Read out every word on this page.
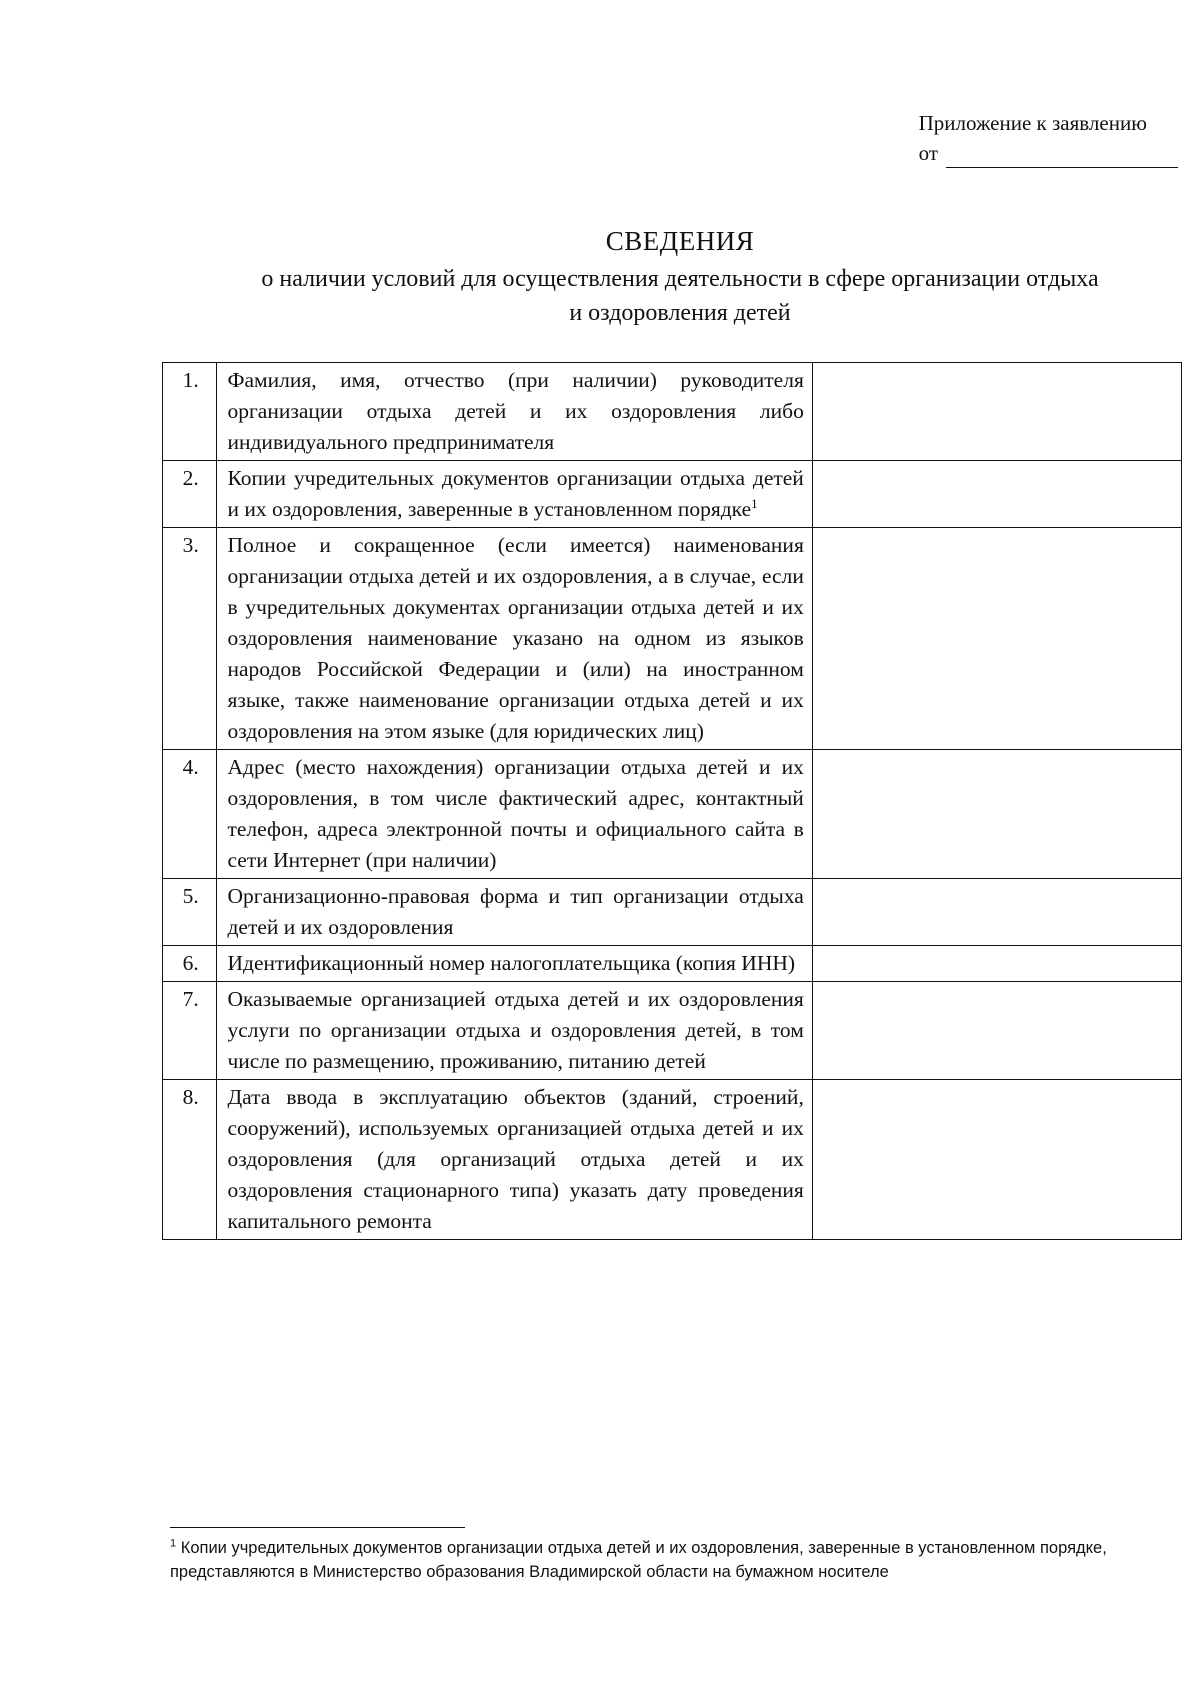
Приложение к заявлению
от
СВЕДЕНИЯ
о наличии условий для осуществления деятельности в сфере организации отдыха
и оздоровления детей
1.	Фамилия, имя, отчество (при наличии) руководителя организации отдыха детей и их оздоровления либо индивидуального предпринимателя	
2.	Копии учредительных документов организации отдыха детей и их оздоровления, заверенные в установленном порядке$^1$	
3.	Полное и сокращенное (если имеется) наименования организации отдыха детей и их оздоровления, а в случае, если в учредительных документах организации отдыха детей и их оздоровления наименование указано на одном из языков народов Российской Федерации и (или) на иностранном языке, также наименование организации отдыха детей и их оздоровления на этом языке (для юридических лиц)	
4.	Адрес (место нахождения) организации отдыха детей и их оздоровления, в том числе фактический адрес, контактный телефон, адреса электронной почты и официального сайта в сети Интернет (при наличии)	
5.	Организационно-правовая форма и тип организации отдыха детей и их оздоровления	
6.	Идентификационный номер налогоплательщика (копия ИНН)	
7.	Оказываемые организацией отдыха детей и их оздоровления услуги по организации отдыха и оздоровления детей, в том числе по размещению, проживанию, питанию детей	
8.	Дата ввода в эксплуатацию объектов (зданий, строений, сооружений), используемых организацией отдыха детей и их оздоровления (для организаций отдыха детей и их оздоровления стационарного типа) указать дату проведения капитального ремонта	
$^1$ Копии учредительных документов организации отдыха детей и их оздоровления, заверенные в установленном порядке, представляются в Министерство образования Владимирской области на бумажном носителе
